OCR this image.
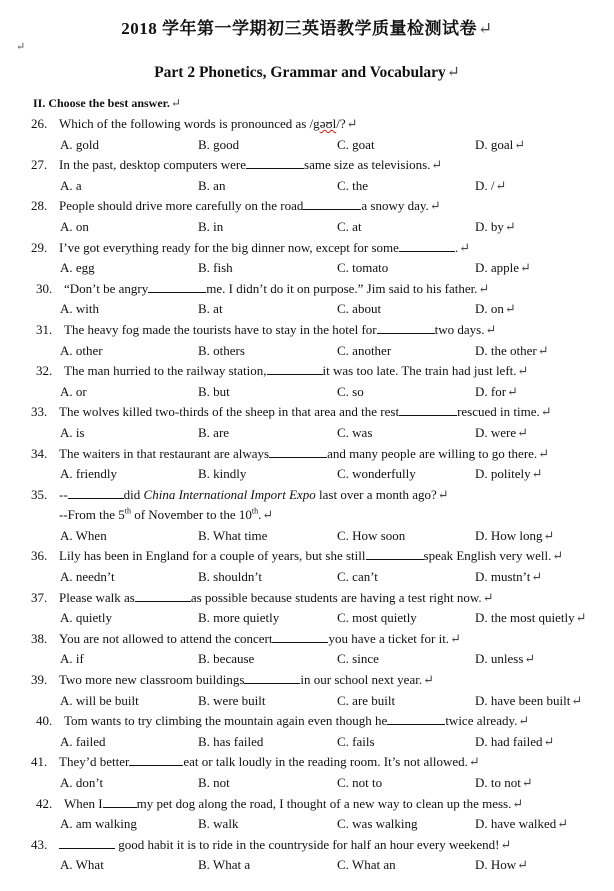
2018 学年第一学期初三英语教学质量检测试卷↵
↵
Part 2 Phonetics, Grammar and Vocabulary↵
II. Choose the best answer.↵
26. Which of the following words is pronounced as /gəʊl/?↵
A. gold	B. good	C. goat	D. goal↵
27. In the past, desktop computers were	same size as televisions.↵
A. a	B. an	C. the	D. /↵
28. People should drive more carefully on the road	a snowy day.↵
A. on	B. in	C. at	D. by↵
29. I’ve got everything ready for the big dinner now, except for some	.↵
A. egg	B. fish	C. tomato	D. apple↵
30. “Don’t be angry	me. I didn’t do it on purpose.” Jim said to his father.↵
A. with	B. at	C. about	D. on↵
31. The heavy fog made the tourists have to stay in the hotel for	two days.↵
A. other	B. others	C. another	D. the other↵
32. The man hurried to the railway station,	it was too late. The train had just left.↵
A. or	B. but	C. so	D. for↵
33. The wolves killed two-thirds of the sheep in that area and the rest	rescued in time.↵
A. is	B. are	C. was	D. were↵
34. The waiters in that restaurant are always	and many people are willing to go there.↵
A. friendly	B. kindly	C. wonderfully	D. politely↵
35. --	did China International Import Expo last over a month ago?↵
--From the 5th of November to the 10th.↵
A. When	B. What time	C. How soon	D. How long↵
36. Lily has been in England for a couple of years, but she still	speak English very well.↵
A. needn’t	B. shouldn’t	C. can’t	D. mustn’t↵
37. Please walk as	as possible because students are having a test right now.↵
A. quietly	B. more quietly	C. most quietly	D. the most quietly↵
38. You are not allowed to attend the concert	you have a ticket for it.↵
A. if	B. because	C. since	D. unless↵
39. Two more new classroom buildings	in our school next year.↵
A. will be built	B. were built	C. are built	D. have been built↵
40. Tom wants to try climbing the mountain again even though he	twice already.↵
A. failed	B. has failed	C. fails	D. had failed↵
41. They’d better	eat or talk loudly in the reading room. It’s not allowed.↵
A. don’t	B. not	C. not to	D. to not↵
42. When I	my pet dog along the road, I thought of a new way to clean up the mess.↵
A. am walking	B. walk	C. was walking	D. have walked↵
43.	good habit it is to ride in the countryside for half an hour every weekend!↵
A. What	B. What a	C. What an	D. How↵
